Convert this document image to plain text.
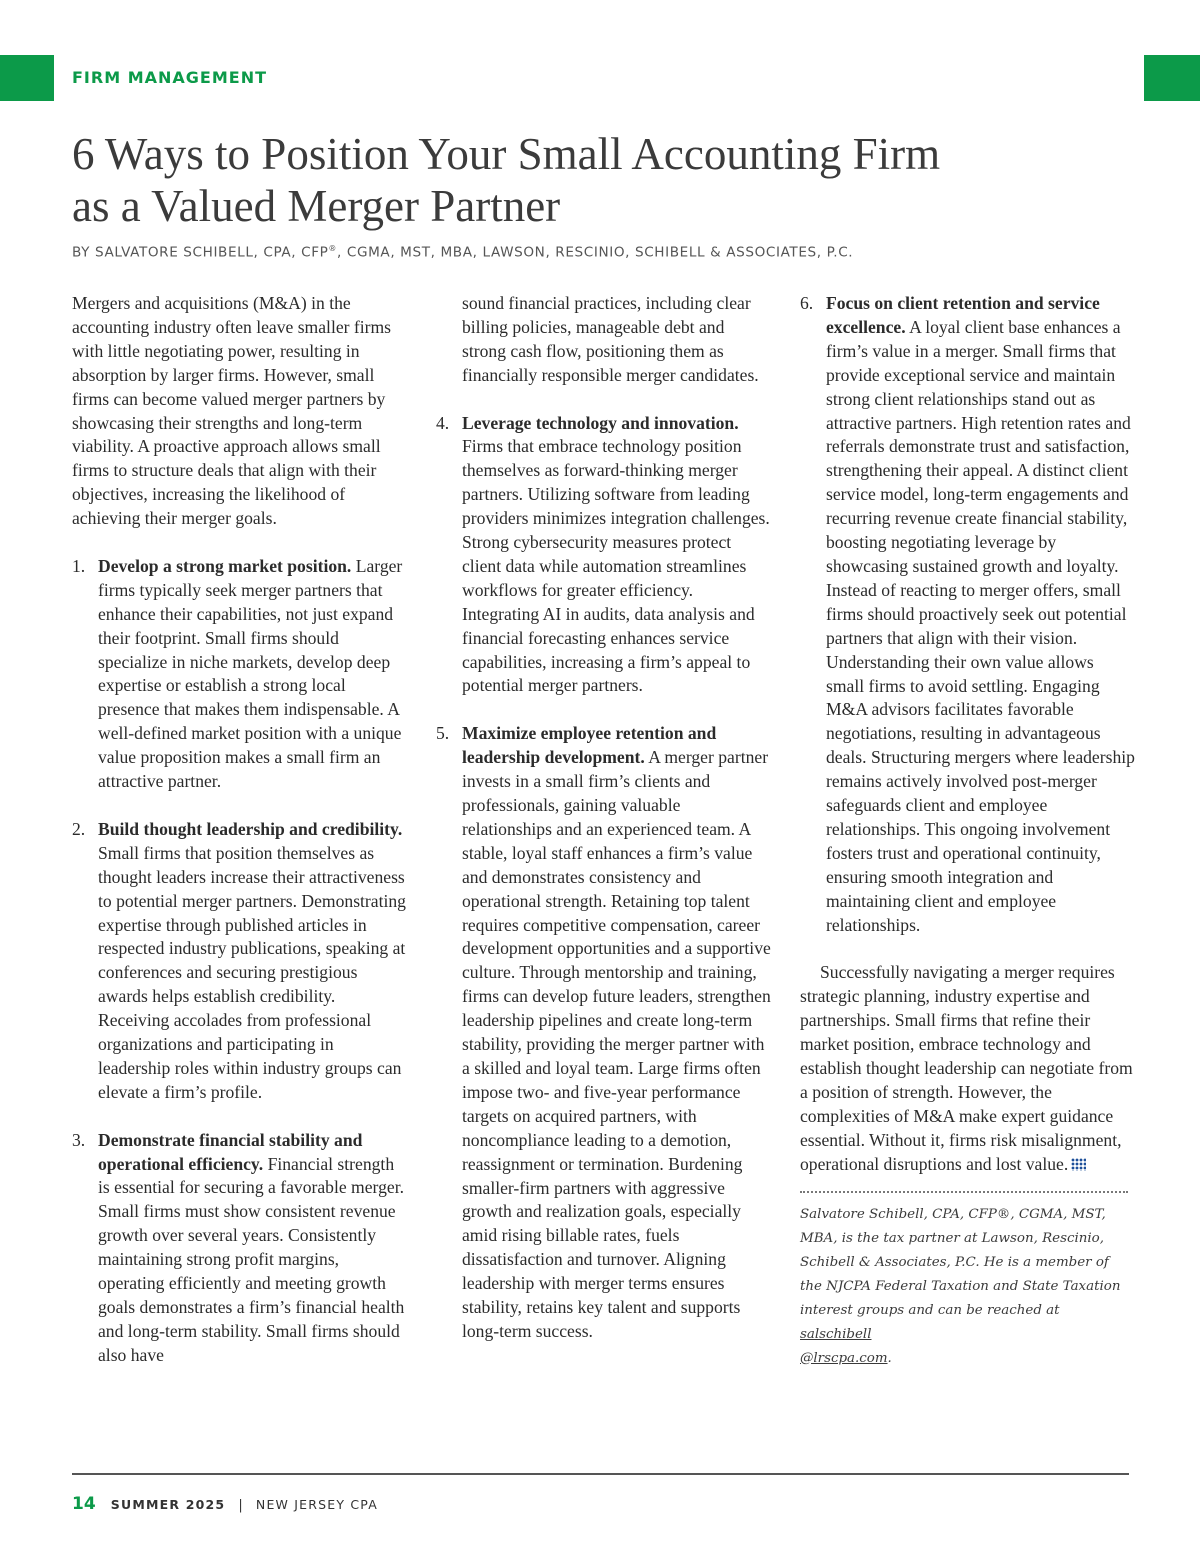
FIRM MANAGEMENT
6 Ways to Position Your Small Accounting Firm
as a Valued Merger Partner
BY SALVATORE SCHIBELL, CPA, CFP®, CGMA, MST, MBA, LAWSON, RESCINIO, SCHIBELL & ASSOCIATES, P.C.

Mergers and acquisitions (M&A) in the accounting industry often leave smaller firms with little negotiating power, resulting in absorption by larger firms. However, small firms can become valued merger partners by showcasing their strengths and long-term viability. A proactive approach allows small firms to structure deals that align with their objectives, increasing the likelihood of achieving their merger goals.

1. Develop a strong market position. Larger firms typically seek merger partners that enhance their capabilities, not just expand their footprint. Small firms should specialize in niche markets, develop deep expertise or establish a strong local presence that makes them indispensable. A well-defined market position with a unique value proposition makes a small firm an attractive partner.
2. Build thought leadership and credibility. Small firms that position themselves as thought leaders increase their attractiveness to potential merger partners. Demonstrating expertise through published articles in respected industry publications, speaking at conferences and securing prestigious awards helps establish credibility. Receiving accolades from professional organizations and participating in leadership roles within industry groups can elevate a firm’s profile.
3. Demonstrate financial stability and operational efficiency. Financial strength is essential for securing a favorable merger. Small firms must show consistent revenue growth over several years. Consistently maintaining strong profit margins, operating efficiently and meeting growth goals demonstrates a firm’s financial health and long-term stability. Small firms should also have
sound financial practices, including clear billing policies, manageable debt and strong cash flow, positioning them as financially responsible merger candidates.
4. Leverage technology and innovation. Firms that embrace technology position themselves as forward-thinking merger partners. Utilizing software from leading providers minimizes integration challenges. Strong cybersecurity measures protect client data while automation streamlines workflows for greater efficiency. Integrating AI in audits, data analysis and financial forecasting enhances service capabilities, increasing a firm’s appeal to potential merger partners.
5. Maximize employee retention and leadership development. A merger partner invests in a small firm’s clients and professionals, gaining valuable relationships and an experienced team. A stable, loyal staff enhances a firm’s value and demonstrates consistency and operational strength. Retaining top talent requires competitive compensation, career development opportunities and a supportive culture. Through mentorship and training, firms can develop future leaders, strengthen leadership pipelines and create long-term stability, providing the merger partner with a skilled and loyal team. Large firms often impose two- and five-year performance targets on acquired partners, with noncompliance leading to a demotion, reassignment or termination. Burdening smaller-firm partners with aggressive growth and realization goals, especially amid rising billable rates, fuels dissatisfaction and turnover. Aligning leadership with merger terms ensures stability, retains key talent and supports long-term success.
6. Focus on client retention and service excellence. A loyal client base enhances a firm’s value in a merger. Small firms that provide exceptional service and maintain strong client relationships stand out as attractive partners. High retention rates and referrals demonstrate trust and satisfaction, strengthening their appeal. A distinct client service model, long-term engagements and recurring revenue create financial stability, boosting negotiating leverage by showcasing sustained growth and loyalty.

Instead of reacting to merger offers, small firms should proactively seek out potential partners that align with their vision. Understanding their own value allows small firms to avoid settling. Engaging M&A advisors facilitates favorable negotiations, resulting in advantageous deals. Structuring mergers where leadership remains actively involved post-merger safeguards client and employee relationships. This ongoing involvement fosters trust and operational continuity, ensuring smooth integration and maintaining client and employee relationships.

Successfully navigating a merger requires strategic planning, industry expertise and partnerships. Small firms that refine their market position, embrace technology and establish thought leadership can negotiate from a position of strength. However, the complexities of M&A make expert guidance essential. Without it, firms risk misalignment, operational disruptions and lost value.

Salvatore Schibell, CPA, CFP®, CGMA, MST, MBA, is the tax partner at Lawson, Rescinio, Schibell & Associates, P.C. He is a member of the NJCPA Federal Taxation and State Taxation interest groups and can be reached at salschibell
@lrscpa.com.

14 SUMMER 2025 | NEW JERSEY CPA
